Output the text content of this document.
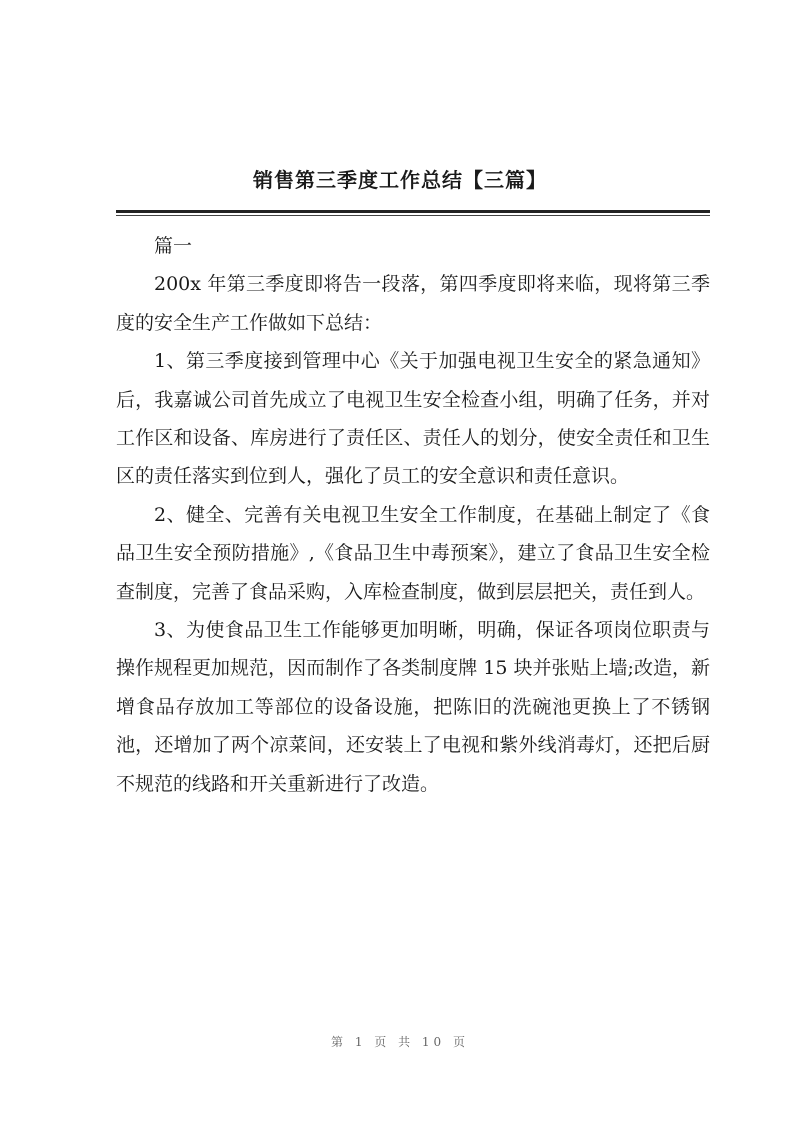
销售第三季度工作总结【三篇】

篇一

200x 年第三季度即将告一段落，第四季度即将来临，现将第三季度的安全生产工作做如下总结：

1、第三季度接到管理中心《关于加强电视卫生安全的紧急通知》后，我嘉诚公司首先成立了电视卫生安全检查小组，明确了任务，并对工作区和设备、库房进行了责任区、责任人的划分，使安全责任和卫生区的责任落实到位到人，强化了员工的安全意识和责任意识。

2、健全、完善有关电视卫生安全工作制度，在基础上制定了《食品卫生安全预防措施》,《食品卫生中毒预案》，建立了食品卫生安全检查制度，完善了食品采购，入库检查制度，做到层层把关，责任到人。

3、为使食品卫生工作能够更加明晰，明确，保证各项岗位职责与操作规程更加规范，因而制作了各类制度牌 15 块并张贴上墙;改造，新增食品存放加工等部位的设备设施，把陈旧的洗碗池更换上了不锈钢池，还增加了两个凉菜间，还安装上了电视和紫外线消毒灯，还把后厨不规范的线路和开关重新进行了改造。

第 1 页 共 10 页
